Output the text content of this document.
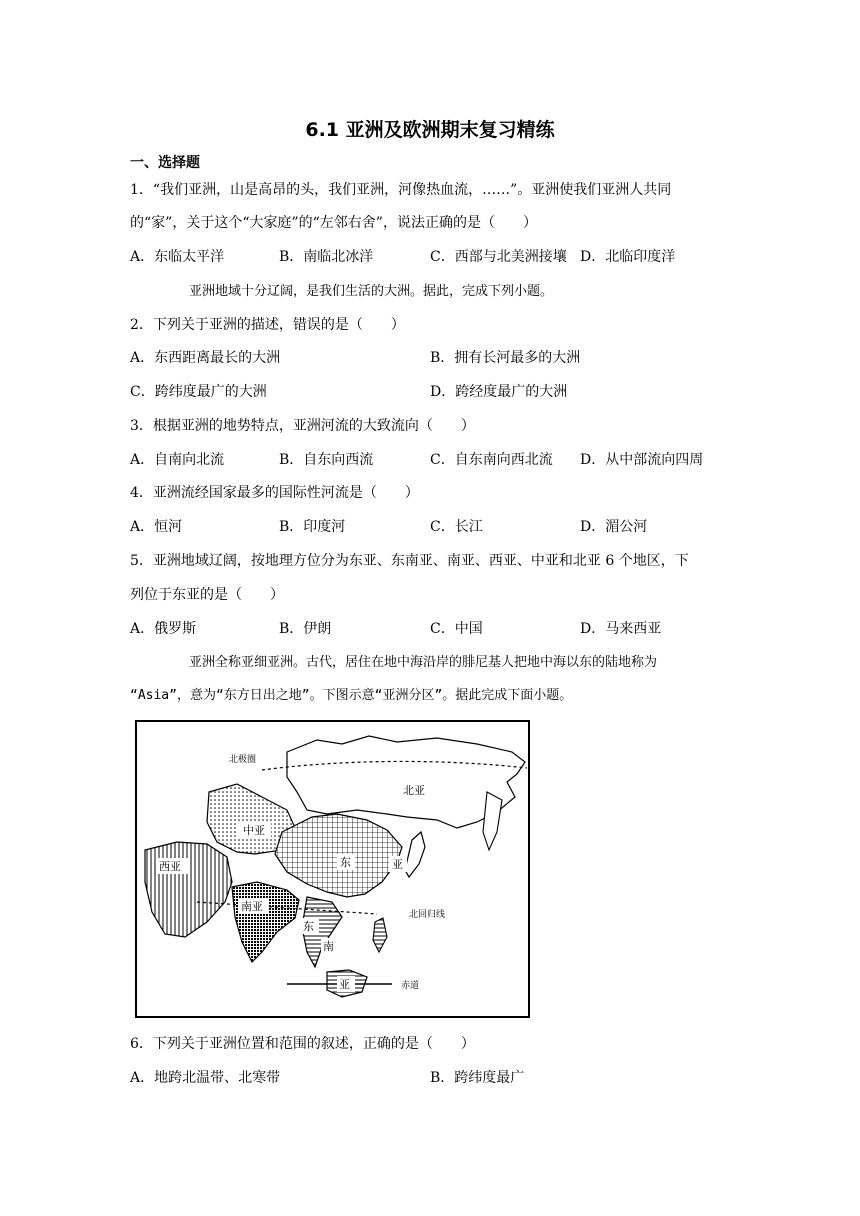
6.1 亚洲及欧洲期末复习精练
一、选择题
1．“我们亚洲，山是高昂的头，我们亚洲，河像热血流，……”。亚洲使我们亚洲人共同
的“家”，关于这个“大家庭”的“左邻右舍”，说法正确的是（　　）
A．东临太平洋	B．南临北冰洋	C．西部与北美洲接壤 D．北临印度洋
亚洲地域十分辽阔，是我们生活的大洲。据此，完成下列小题。
2．下列关于亚洲的描述，错误的是（　　）
A．东西距离最长的大洲	B．拥有长河最多的大洲
C．跨纬度最广的大洲	D．跨经度最广的大洲
3．根据亚洲的地势特点，亚洲河流的大致流向（　　）
A．自南向北流	B．自东向西流	C．自东南向西北流 D．从中部流向四周
4．亚洲流经国家最多的国际性河流是（　　）
A．恒河	B．印度河	C．长江	D．湄公河
5．亚洲地域辽阔，按地理方位分为东亚、东南亚、南亚、西亚、中亚和北亚 6 个地区，下
列位于东亚的是（　　）
A．俄罗斯	B．伊朗	C．中国	D．马来西亚
亚洲全称亚细亚洲。古代，居住在地中海沿岸的腓尼基人把地中海以东的陆地称为
“Asia”，意为“东方日出之地”。下图示意“亚洲分区”。据此完成下面小题。
北极圈
北亚
中亚
西亚	东	亚
南亚
北回归线
东
南
亚	赤道
6．下列关于亚洲位置和范围的叙述，正确的是（　　）
A．地跨北温带、北寒带	B．跨纬度最广
